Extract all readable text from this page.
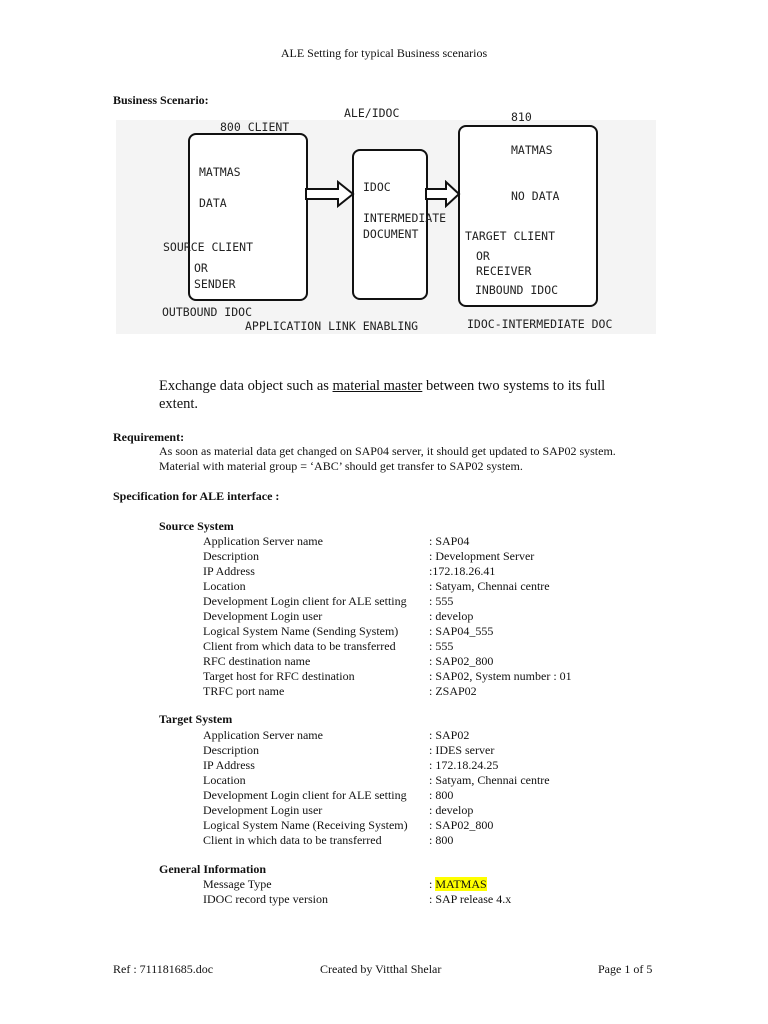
ALE Setting for typical Business scenarios
Business Scenario:
ALE/IDOC
800 CLIENT
810
MATMAS
DATA
SOURCE CLIENT
OR
SENDER
IDOC
INTERMEDIATE
DOCUMENT
MATMAS
NO DATA
TARGET CLIENT
OR
RECEIVER
INBOUND IDOC
OUTBOUND IDOC
APPLICATION LINK ENABLING	IDOC-INTERMEDIATE DOC
Exchange data object such as material master between two systems to its full
extent.
Requirement:
As soon as material data get changed on SAP04 server, it should get updated to SAP02 system.
Material with material group = ‘ABC’ should get transfer to SAP02 system.
Specification for ALE interface :
Source System
Application Server name	: SAP04
Description	: Development Server
IP Address	:172.18.26.41
Location	: Satyam, Chennai centre
Development Login client for ALE setting : 555
Development Login user	: develop
Logical System Name (Sending System)	: SAP04_555
Client from which data to be transferred	: 555
RFC destination name	: SAP02_800
Target host for RFC destination	: SAP02, System number : 01
TRFC port name	: ZSAP02
Target System
Application Server name	: SAP02
Description	: IDES server
IP Address	: 172.18.24.25
Location	: Satyam, Chennai centre
Development Login client for ALE setting : 800
Development Login user	: develop
Logical System Name (Receiving System) : SAP02_800
Client in which data to be transferred	: 800
General Information
Message Type	: MATMAS
IDOC record type version	: SAP release 4.x
Ref : 711181685.doc	Created by Vitthal Shelar	Page 1 of 5
